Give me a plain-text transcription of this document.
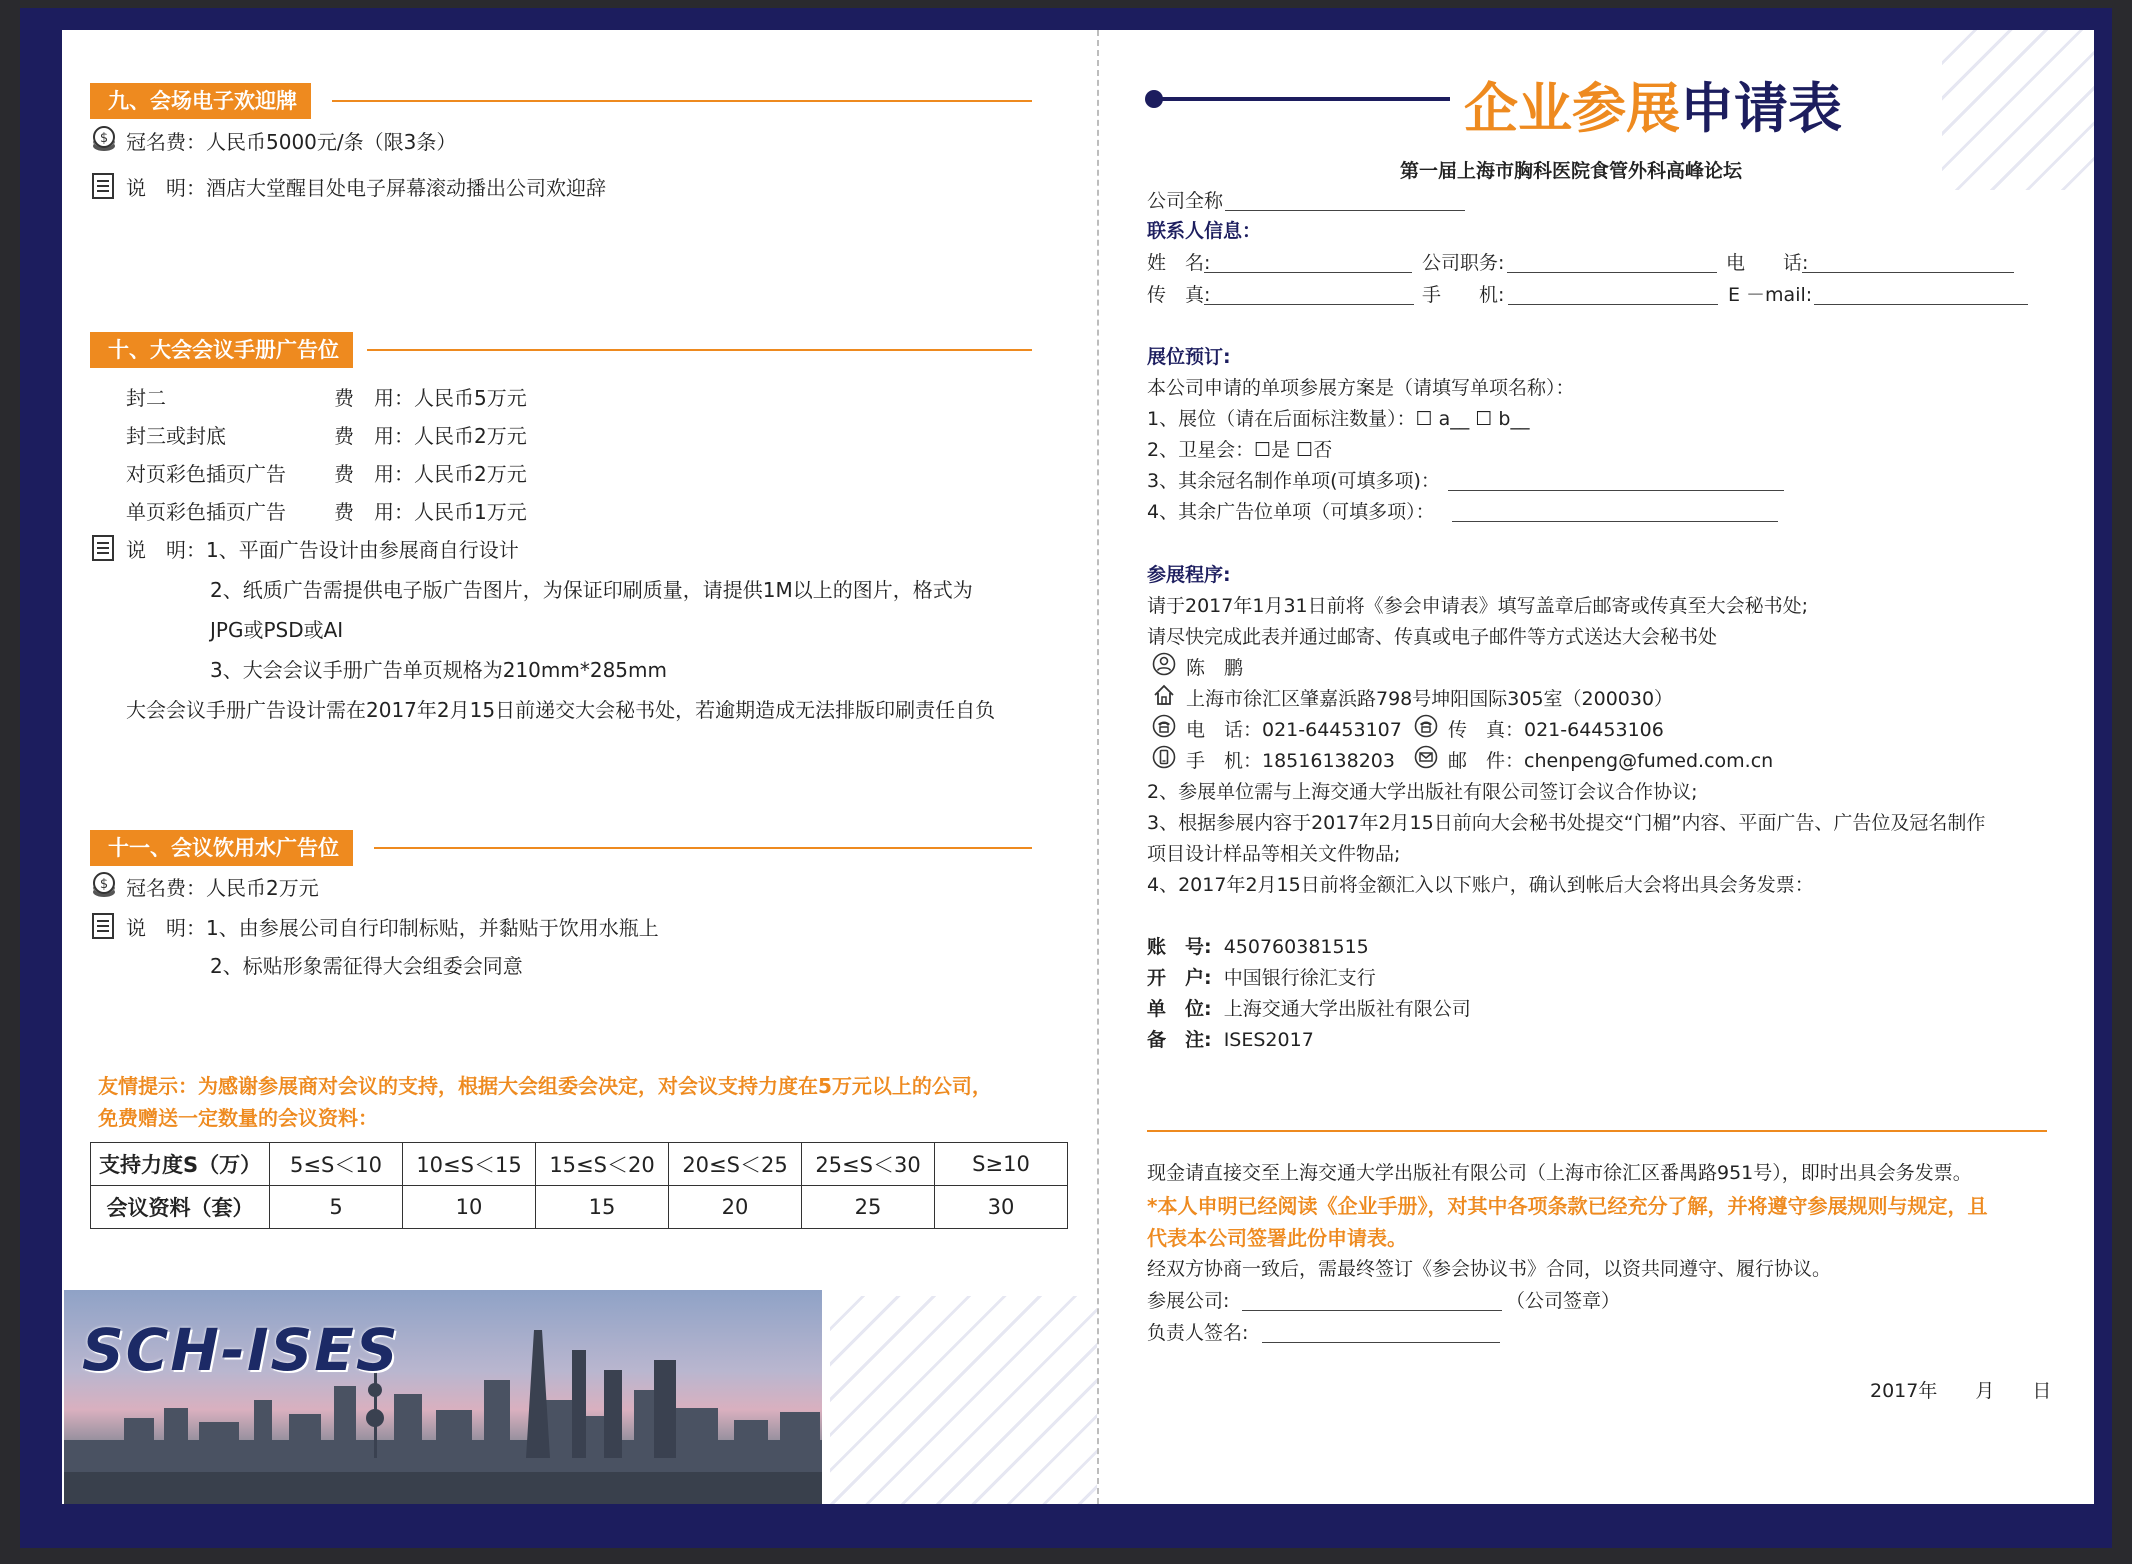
九、会场电子欢迎牌
$ 冠名费：人民币5000元/条（限3条）
说　明：酒店大堂醒目处电子屏幕滚动播出公司欢迎辞
十、大会会议手册广告位
封二	费　用：人民币5万元
封三或封底	费　用：人民币2万元
对页彩色插页广告 费　用：人民币2万元
单页彩色插页广告 费　用：人民币1万元
说　明：1、平面广告设计由参展商自行设计
2、纸质广告需提供电子版广告图片，为保证印刷质量，请提供1M以上的图片，格式为
JPG或PSD或AI
3、大会会议手册广告单页规格为210mm*285mm
大会会议手册广告设计需在2017年2月15日前递交大会秘书处，若逾期造成无法排版印刷责任自负
十一、会议饮用水广告位
$ 冠名费：人民币2万元
说　明：1、由参展公司自行印制标贴，并黏贴于饮用水瓶上
2、标贴形象需征得大会组委会同意
友情提示：为感谢参展商对会议的支持，根据大会组委会决定，对会议支持力度在5万元以上的公司，
免费赠送一定数量的会议资料：
支持力度S（万）	5≤S＜10	10≤S＜15	15≤S＜20	20≤S＜25	25≤S＜30	S≥10
会议资料（套）	5	10	15	20	25	30
SCH-ISES
企业参展申请表
第一届上海市胸科医院食管外科高峰论坛
公司全称
联系人信息：
姓　名:	公司职务:	电　　话:
传　真:	手　　机:	E －mail:
展位预订:
本公司申请的单项参展方案是（请填写单项名称）：
1、展位（请在后面标注数量）：☐ a__ ☐ b__
2、卫星会：☐是 ☐否
3、其余冠名制作单项(可填多项)：
4、其余广告位单项（可填多项）：
参展程序:
请于2017年1月31日前将《参会申请表》填写盖章后邮寄或传真至大会秘书处;
请尽快完成此表并通过邮寄、传真或电子邮件等方式送达大会秘书处
陈　鹏
上海市徐汇区肇嘉浜路798号坤阳国际305室（200030）
电　话：021-64453107 传　真：021-64453106
手　机：18516138203	邮　件：chenpeng@fumed.com.cn
2、参展单位需与上海交通大学出版社有限公司签订会议合作协议;
3、根据参展内容于2017年2月15日前向大会秘书处提交“门楣”内容、平面广告、广告位及冠名制作
项目设计样品等相关文件物品;
4、2017年2月15日前将金额汇入以下账户，确认到帐后大会将出具会务发票：
账　号: 450760381515
开　户: 中国银行徐汇支行
单　位: 上海交通大学出版社有限公司
备　注: ISES2017
现金请直接交至上海交通大学出版社有限公司（上海市徐汇区番禺路951号），即时出具会务发票。
*本人申明已经阅读《企业手册》，对其中各项条款已经充分了解，并将遵守参展规则与规定，且
代表本公司签署此份申请表。
经双方协商一致后，需最终签订《参会协议书》合同，以资共同遵守、履行协议。
参展公司:	（公司签章）
负责人签名:
2017年　　月　　日
